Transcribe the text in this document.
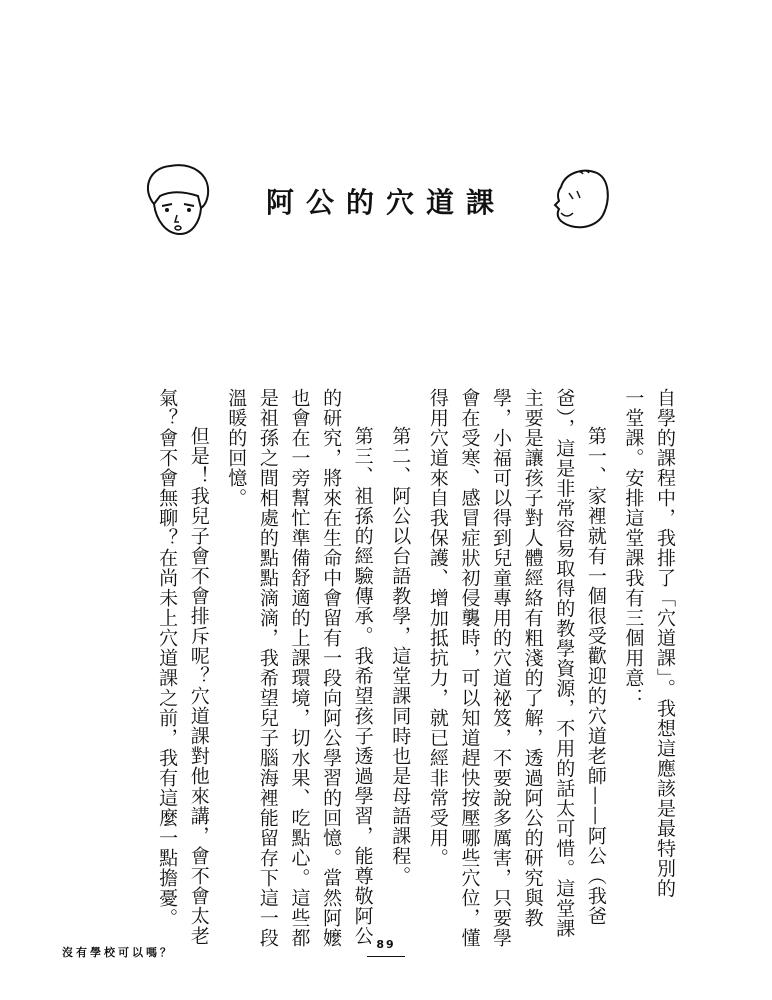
阿公的穴道課

自學的課程中，我排了「穴道課」。我想這應該是最特別的

一堂課。安排這堂課我有三個用意：

第一、家裡就有一個很受歡迎的穴道老師——阿公（我爸

爸），這是非常容易取得的教學資源，不用的話太可惜。這堂課

主要是讓孩子對人體經絡有粗淺的了解，透過阿公的研究與教

學，小福可以得到兒童專用的穴道祕笈，不要說多厲害，只要學

會在受寒、感冒症狀初侵襲時，可以知道趕快按壓哪些穴位，懂

得用穴道來自我保護、增加抵抗力，就已經非常受用。

第二、阿公以台語教學，這堂課同時也是母語課程。

第三、祖孫的經驗傳承。我希望孩子透過學習，能尊敬阿公

的研究，將來在生命中會留有一段向阿公學習的回憶。當然阿嬤

也會在一旁幫忙準備舒適的上課環境，切水果、吃點心。這些都

是祖孫之間相處的點點滴滴，我希望兒子腦海裡能留存下這一段

溫暖的回憶。

但是！我兒子會不會排斥呢？穴道課對他來講，會不會太老

氣？會不會無聊？在尚未上穴道課之前，我有這麼一點擔憂。

沒有學校可以嗎？
89
